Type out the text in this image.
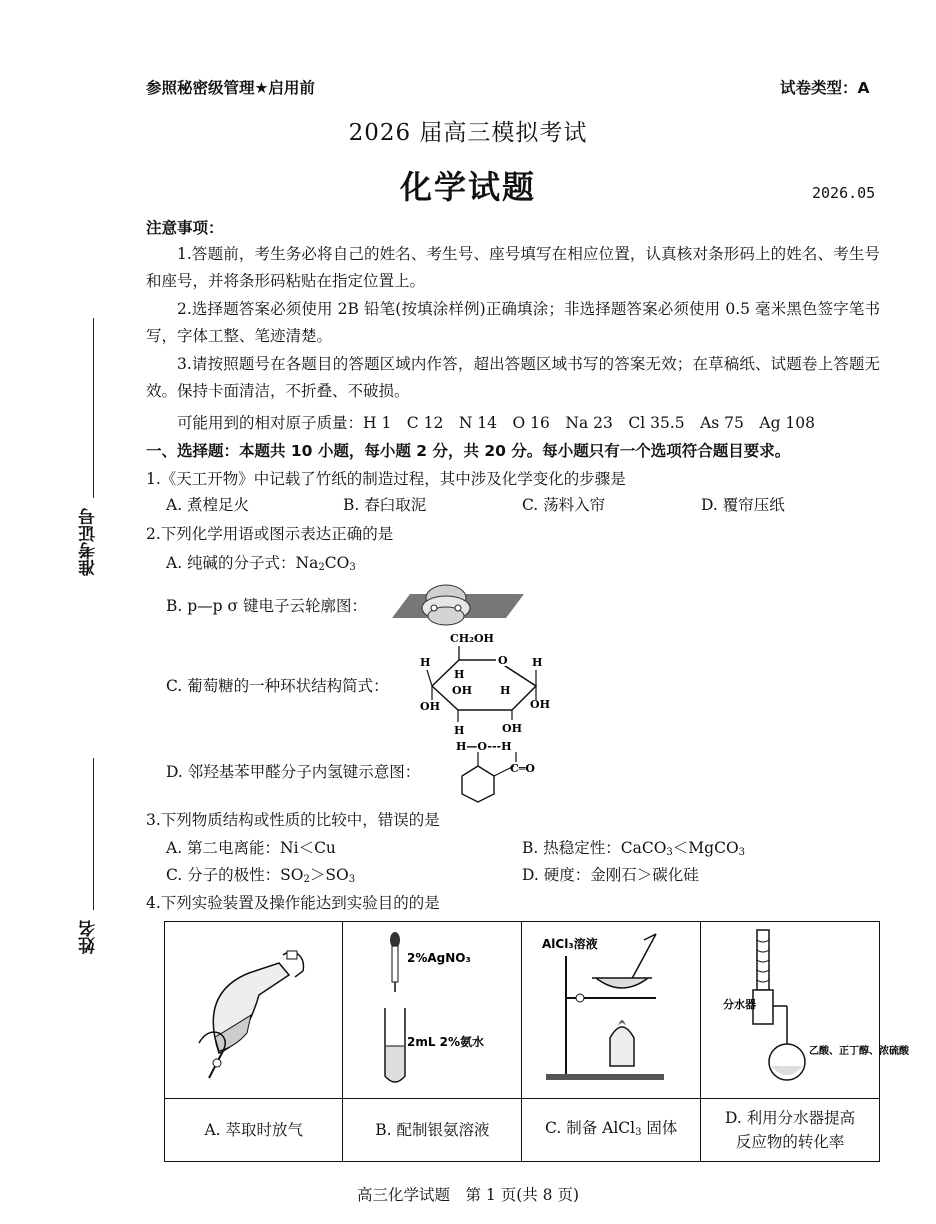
参照秘密级管理★启用前	试卷类型：A
2026 届高三模拟考试
化学试题	2026.05
注意事项：
1.答题前，考生务必将自己的姓名、考生号、座号填写在相应位置，认真核对条形码上的姓名、考生号和座号，并将条形码粘贴在指定位置上。
2.选择题答案必须使用 2B 铅笔(按填涂样例)正确填涂；非选择题答案必须使用 0.5 毫米黑色签字笔书写，字体工整、笔迹清楚。
3.请按照题号在各题目的答题区域内作答，超出答题区域书写的答案无效；在草稿纸、试题卷上答题无效。保持卡面清洁，不折叠、不破损。
可能用到的相对原子质量：H 1　C 12　N 14　O 16　Na 23　Cl 35.5　As 75　Ag 108
一、选择题：本题共 10 小题，每小题 2 分，共 20 分。每小题只有一个选项符合题目要求。
1.《天工开物》中记载了竹纸的制造过程，其中涉及化学变化的步骤是
A. 煮楻足火	B. 舂臼取泥	C. 荡料入帘	D. 覆帘压纸
2.下列化学用语或图示表达正确的是
A. 纯碱的分子式：$Na_2CO_3$
B. p—p σ 键电子云轮廓图：
C. 葡萄糖的一种环状结构简式：
CH₂OH
O
H
H
H
OH
OH	H
OH
H	OH
D. 邻羟基苯甲醛分子内氢键示意图：
H—O---H
C═O
3.下列物质结构或性质的比较中，错误的是
A. 第二电离能：Ni＜Cu	B. 热稳定性：CaCO$_3$＜MgCO$_3$
C. 分子的极性：$SO_2>SO_3$	D. 硬度：金刚石＞碳化硅
4.下列实验装置及操作能达到实验目的的是

2%AgNO₃
2mL 2%氨水	AlCl₃溶液	分水器
乙酸、正丁醇、浓硫酸

A. 萃取时放气	B. 配制银氨溶液	C. 制备 AlCl$_3$ 固体	D. 利用分水器提高
反应物的转化率
准考证号
姓名
高三化学试题　第 1 页(共 8 页)
